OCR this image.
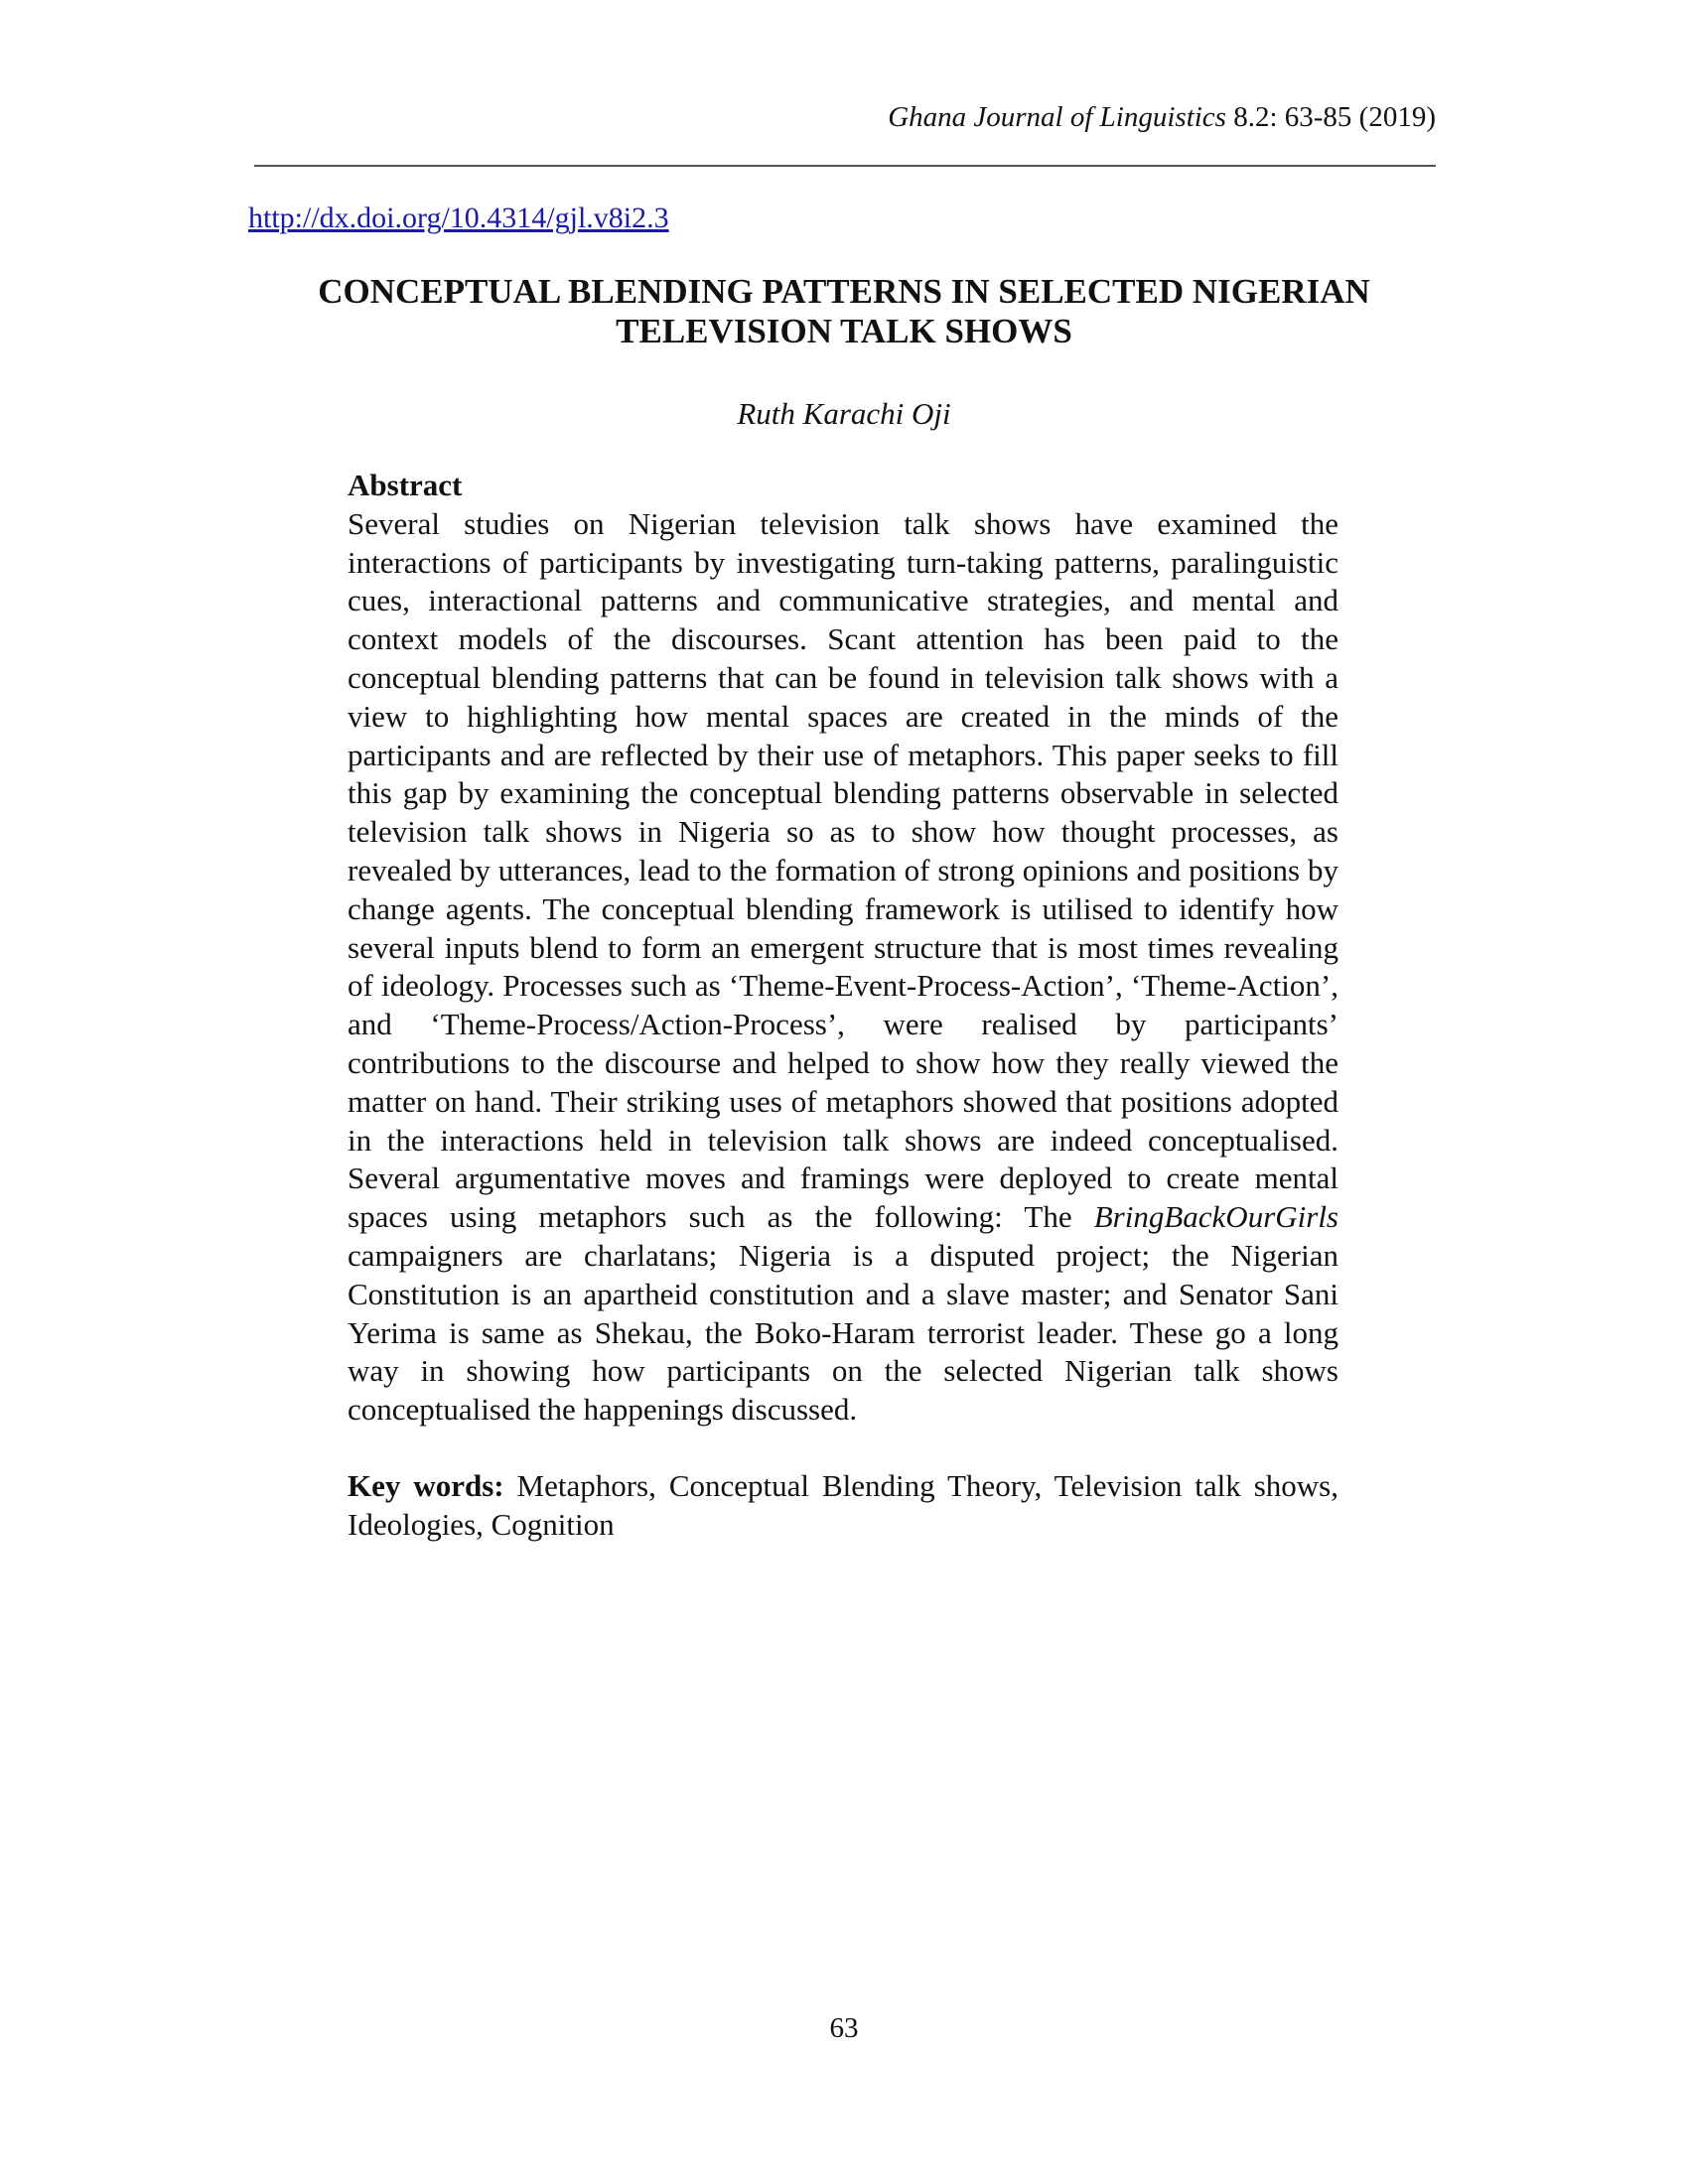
Ghana Journal of Linguistics 8.2: 63-85 (2019)
http://dx.doi.org/10.4314/gjl.v8i2.3
CONCEPTUAL BLENDING PATTERNS IN SELECTED NIGERIAN
TELEVISION TALK SHOWS
Ruth Karachi Oji

Abstract

Several studies on Nigerian television talk shows have examined the interactions of participants by investigating turn-taking patterns, paralinguistic cues, interactional patterns and communicative strategies, and mental and context models of the discourses. Scant attention has been paid to the conceptual blending patterns that can be found in television talk shows with a view to highlighting how mental spaces are created in the minds of the participants and are reflected by their use of metaphors. This paper seeks to fill this gap by examining the conceptual blending patterns observable in selected television talk shows in Nigeria so as to show how thought processes, as revealed by utterances, lead to the formation of strong opinions and positions by change agents. The conceptual blending framework is utilised to identify how several inputs blend to form an emergent structure that is most times revealing of ideology. Processes such as ‘Theme-Event-Process-Action’, ‘Theme-Action’, and ‘Theme-Process/Action-Process’, were realised by participants’ contributions to the discourse and helped to show how they really viewed the matter on hand. Their striking uses of metaphors showed that positions adopted in the interactions held in television talk shows are indeed conceptualised. Several argumentative moves and framings were deployed to create mental spaces using metaphors such as the following: The BringBackOurGirls campaigners are charlatans; Nigeria is a disputed project; the Nigerian Constitution is an apartheid constitution and a slave master; and Senator Sani Yerima is same as Shekau, the Boko-Haram terrorist leader. These go a long way in showing how participants on the selected Nigerian talk shows conceptualised the happenings discussed.

Key words: Metaphors, Conceptual Blending Theory, Television talk shows, Ideologies, Cognition

63
